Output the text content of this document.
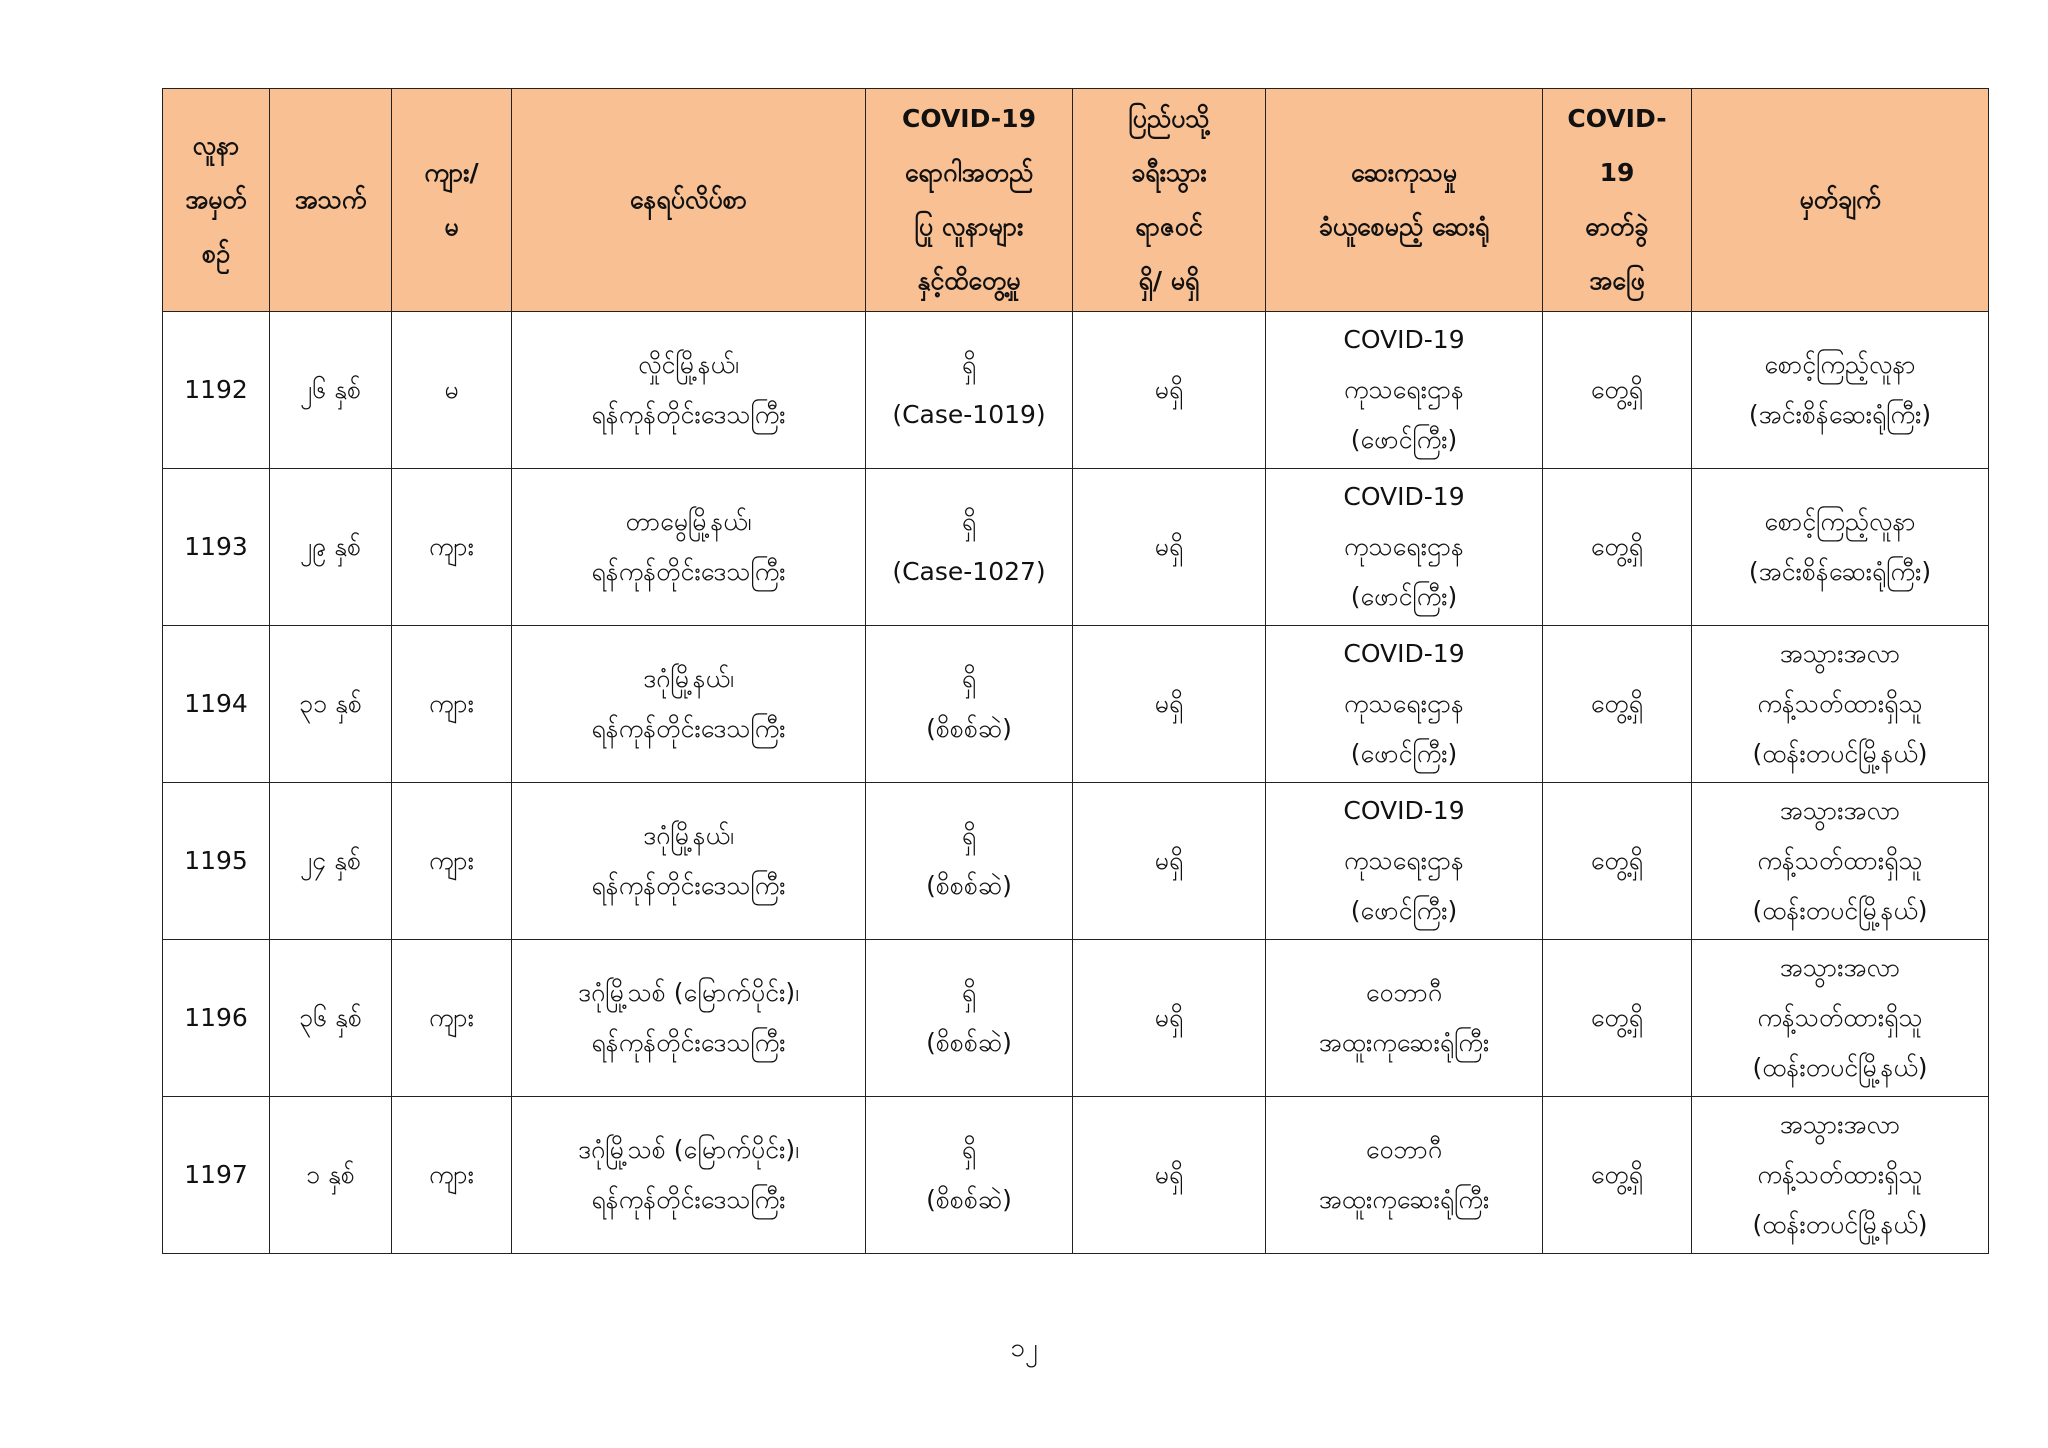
လူနာ
အမှတ်
စဉ်	အသက်	ကျား/
မ	နေရပ်လိပ်စာ	COVID-19
ရောဂါအတည်
ပြု လူနာများ
နှင့်ထိတွေ့မှု	ပြည်ပသို့
ခရီးသွား
ရာဇဝင်
ရှိ/ မရှိ	ဆေးကုသမှု
ခံယူစေမည့် ဆေးရုံ	COVID-
19
ဓာတ်ခွဲ
အဖြေ	မှတ်ချက်

1192	၂၆ နှစ်	မ	လှိုင်မြို့နယ်၊
ရန်ကုန်တိုင်းဒေသကြီး	ရှိ
(Case-1019)	မရှိ	COVID-19
ကုသရေးဌာန
(ဖောင်ကြီး)	တွေ့ရှိ	စောင့်ကြည့်လူနာ
(အင်းစိန်ဆေးရုံကြီး)

1193	၂၉ နှစ်	ကျား	တာမွေမြို့နယ်၊
ရန်ကုန်တိုင်းဒေသကြီး	ရှိ
(Case-1027)	မရှိ	COVID-19
ကုသရေးဌာန
(ဖောင်ကြီး)	တွေ့ရှိ	စောင့်ကြည့်လူနာ
(အင်းစိန်ဆေးရုံကြီး)

1194	၃၁ နှစ်	ကျား	ဒဂုံမြို့နယ်၊
ရန်ကုန်တိုင်းဒေသကြီး	ရှိ
(စိစစ်ဆဲ)	မရှိ	COVID-19
ကုသရေးဌာန
(ဖောင်ကြီး)	တွေ့ရှိ	အသွားအလာ
ကန့်သတ်ထားရှိသူ
(ထန်းတပင်မြို့နယ်)

1195	၂၄ နှစ်	ကျား	ဒဂုံမြို့နယ်၊
ရန်ကုန်တိုင်းဒေသကြီး	ရှိ
(စိစစ်ဆဲ)	မရှိ	COVID-19
ကုသရေးဌာန
(ဖောင်ကြီး)	တွေ့ရှိ	အသွားအလာ
ကန့်သတ်ထားရှိသူ
(ထန်းတပင်မြို့နယ်)

1196	၃၆ နှစ်	ကျား	ဒဂုံမြို့သစ် (မြောက်ပိုင်း)၊
ရန်ကုန်တိုင်းဒေသကြီး	ရှိ
(စိစစ်ဆဲ)	မရှိ	ဝေဘာဂီ
အထူးကုဆေးရုံကြီး	တွေ့ရှိ	အသွားအလာ
ကန့်သတ်ထားရှိသူ
(ထန်းတပင်မြို့နယ်)

1197	၁ နှစ်	ကျား	ဒဂုံမြို့သစ် (မြောက်ပိုင်း)၊
ရန်ကုန်တိုင်းဒေသကြီး	ရှိ
(စိစစ်ဆဲ)	မရှိ	ဝေဘာဂီ
အထူးကုဆေးရုံကြီး	တွေ့ရှိ	အသွားအလာ
ကန့်သတ်ထားရှိသူ
(ထန်းတပင်မြို့နယ်)
၁၂
